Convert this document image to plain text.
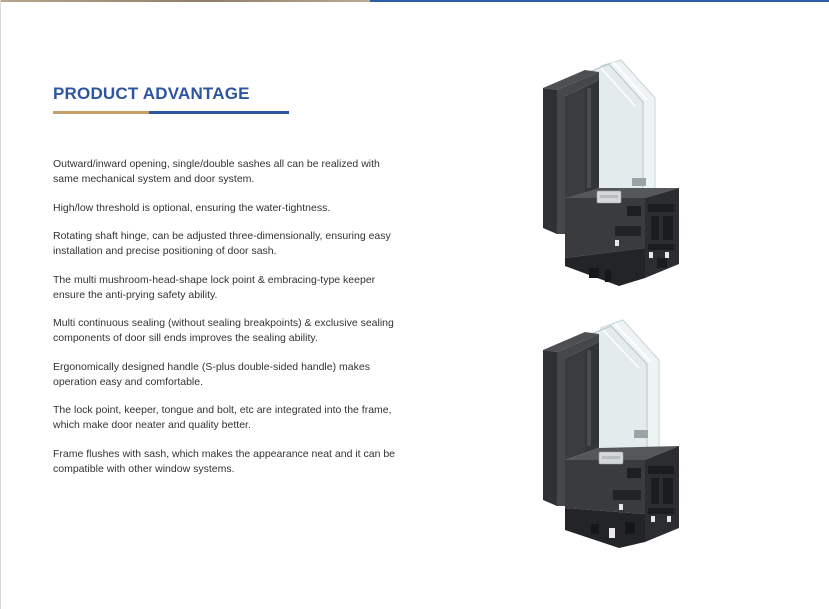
PRODUCT ADVANTAGE
Outward/inward opening, single/double sashes all can be realized with same mechanical system and door system.
High/low threshold is optional, ensuring the water-tightness.
Rotating shaft hinge, can be adjusted three-dimensionally, ensuring easy installation and precise positioning of door sash.
The multi mushroom-head-shape lock point & embracing-type keeper ensure the anti-prying safety ability.
Multi continuous sealing (without sealing breakpoints) & exclusive sealing components of door sill ends improves the sealing ability.
Ergonomically designed handle (S-plus double-sided handle) makes operation easy and comfortable.
The lock point, keeper, tongue and bolt, etc are integrated into the frame, which make door neater and quality better.
Frame flushes with sash, which makes the appearance neat and it can be compatible with other window systems.
